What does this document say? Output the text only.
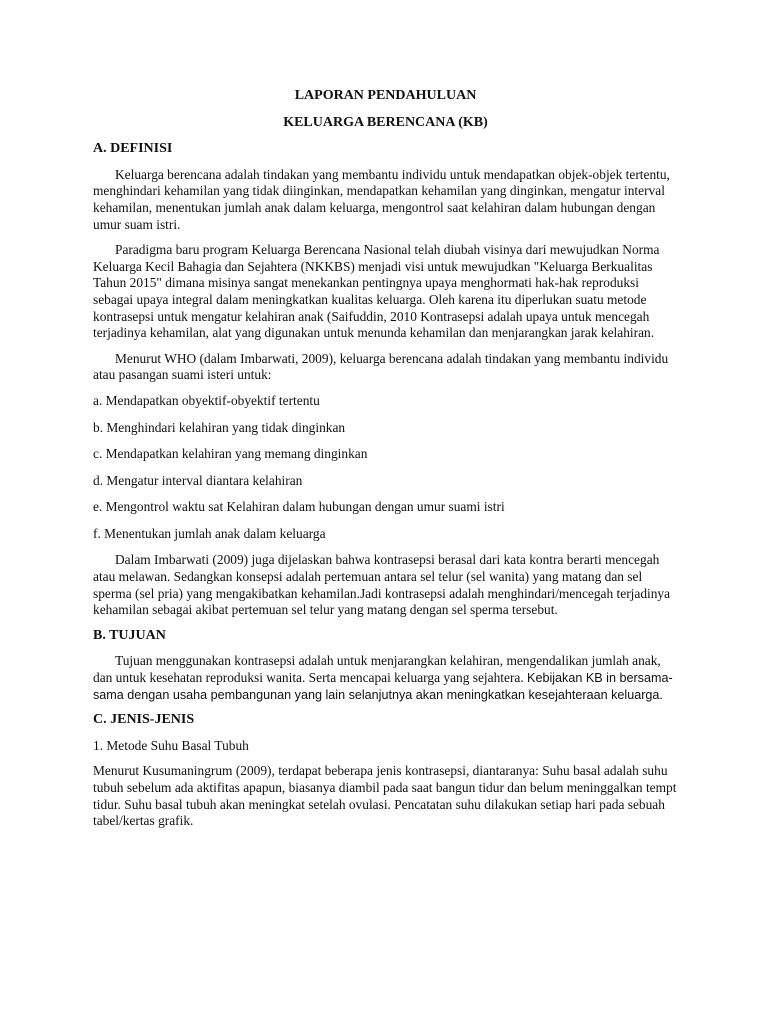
LAPORAN PENDAHULUAN
KELUARGA BERENCANA (KB)
A. DEFINISI

Keluarga berencana adalah tindakan yang membantu individu untuk mendapatkan objek-objek tertentu, menghindari kehamilan yang tidak diinginkan, mendapatkan kehamilan yang dinginkan, mengatur interval kehamilan, menentukan jumlah anak dalam keluarga, mengontrol saat kelahiran dalam hubungan dengan umur suam istri.

Paradigma baru program Keluarga Berencana Nasional telah diubah visinya dari mewujudkan Norma Keluarga Kecil Bahagia dan Sejahtera (NKKBS) menjadi visi untuk mewujudkan "Keluarga Berkualitas Tahun 2015" dimana misinya sangat menekankan pentingnya upaya menghormati hak-hak reproduksi sebagai upaya integral dalam meningkatkan kualitas keluarga. Oleh karena itu diperlukan suatu metode kontrasepsi untuk mengatur kelahiran anak (Saifuddin, 2010 Kontrasepsi adalah upaya untuk mencegah terjadinya kehamilan, alat yang digunakan untuk menunda kehamilan dan menjarangkan jarak kelahiran.

Menurut WHO (dalam Imbarwati, 2009), keluarga berencana adalah tindakan yang membantu individu atau pasangan suami isteri untuk:

a. Mendapatkan obyektif-obyektif tertentu
b. Menghindari kelahiran yang tidak dinginkan
c. Mendapatkan kelahiran yang memang dinginkan
d. Mengatur interval diantara kelahiran
e. Mengontrol waktu sat Kelahiran dalam hubungan dengan umur suami istri
f. Menentukan jumlah anak dalam keluarga

Dalam Imbarwati (2009) juga dijelaskan bahwa kontrasepsi berasal dari kata kontra berarti mencegah atau melawan. Sedangkan konsepsi adalah pertemuan antara sel telur (sel wanita) yang matang dan sel sperma (sel pria) yang mengakibatkan kehamilan.Jadi kontrasepsi adalah menghindari/mencegah terjadinya kehamilan sebagai akibat pertemuan sel telur yang matang dengan sel sperma tersebut.

B. TUJUAN

Tujuan menggunakan kontrasepsi adalah untuk menjarangkan kelahiran, mengendalikan jumlah anak, dan untuk kesehatan reproduksi wanita. Serta mencapai keluarga yang sejahtera. Kebijakan KB in bersama-sama dengan usaha pembangunan yang lain selanjutnya akan meningkatkan kesejahteraan keluarga.

C. JENIS-JENIS

1. Metode Suhu Basal Tubuh

Menurut Kusumaningrum (2009), terdapat beberapa jenis kontrasepsi, diantaranya: Suhu basal adalah suhu tubuh sebelum ada aktifitas apapun, biasanya diambil pada saat bangun tidur dan belum meninggalkan tempt tidur. Suhu basal tubuh akan meningkat setelah ovulasi. Pencatatan suhu dilakukan setiap hari pada sebuah tabel/kertas grafik.
